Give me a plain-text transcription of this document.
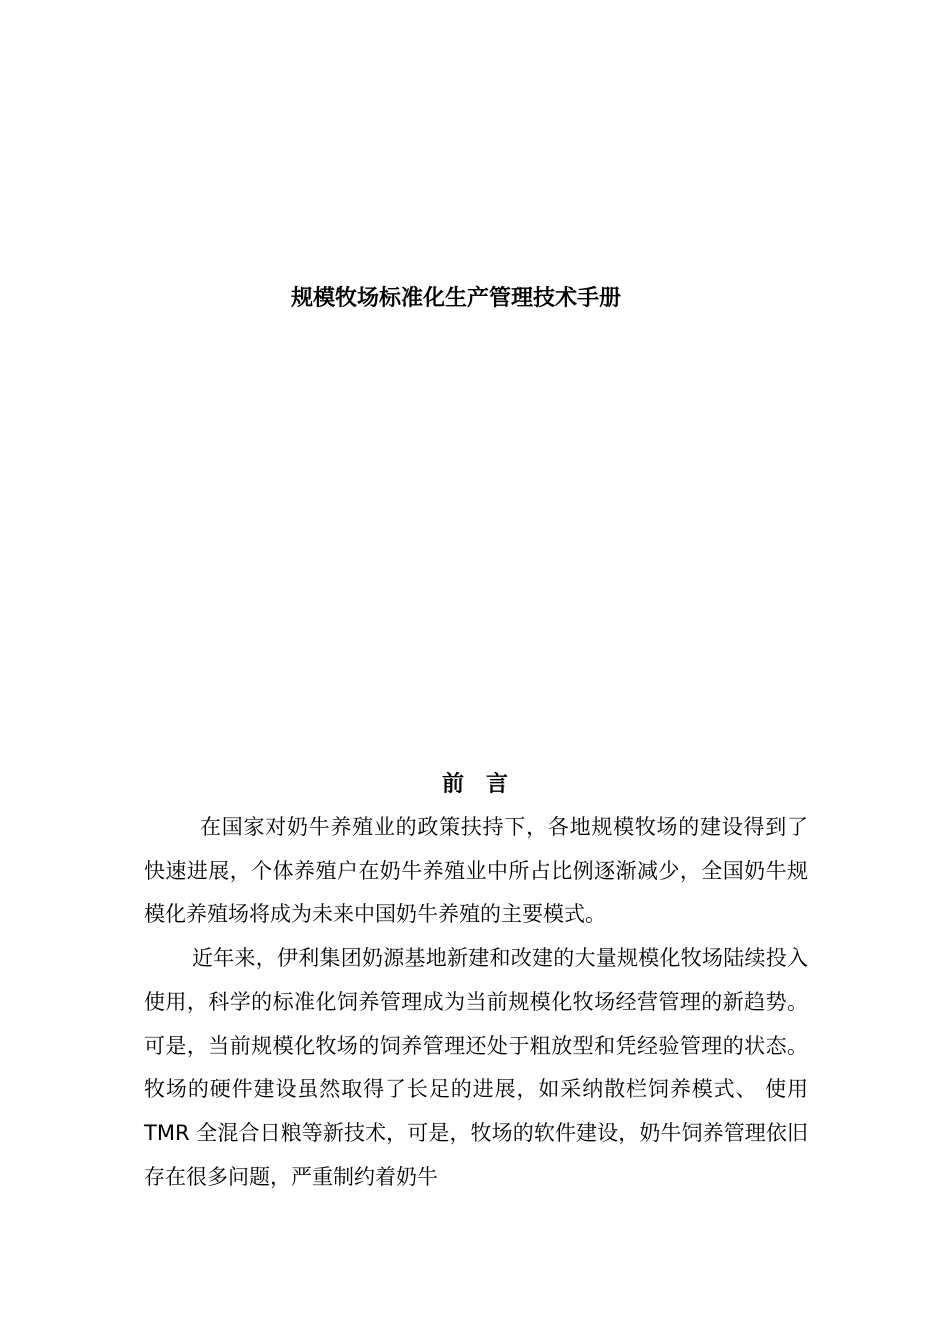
规模牧场标准化生产管理技术手册
前　言

在国家对奶牛养殖业的政策扶持下，各地规模牧场的建设得到了快速进展，个体养殖户在奶牛养殖业中所占比例逐渐减少，全国奶牛规模化养殖场将成为未来中国奶牛养殖的主要模式。

近年来，伊利集团奶源基地新建和改建的大量规模化牧场陆续投入使用，科学的标准化饲养管理成为当前规模化牧场经营管理的新趋势。可是，当前规模化牧场的饲养管理还处于粗放型和凭经验管理的状态。牧场的硬件建设虽然取得了长足的进展，如采纳散栏饲养模式、 使用 TMR 全混合日粮等新技术，可是，牧场的软件建设，奶牛饲养管理依旧存在很多问题，严重制约着奶牛
